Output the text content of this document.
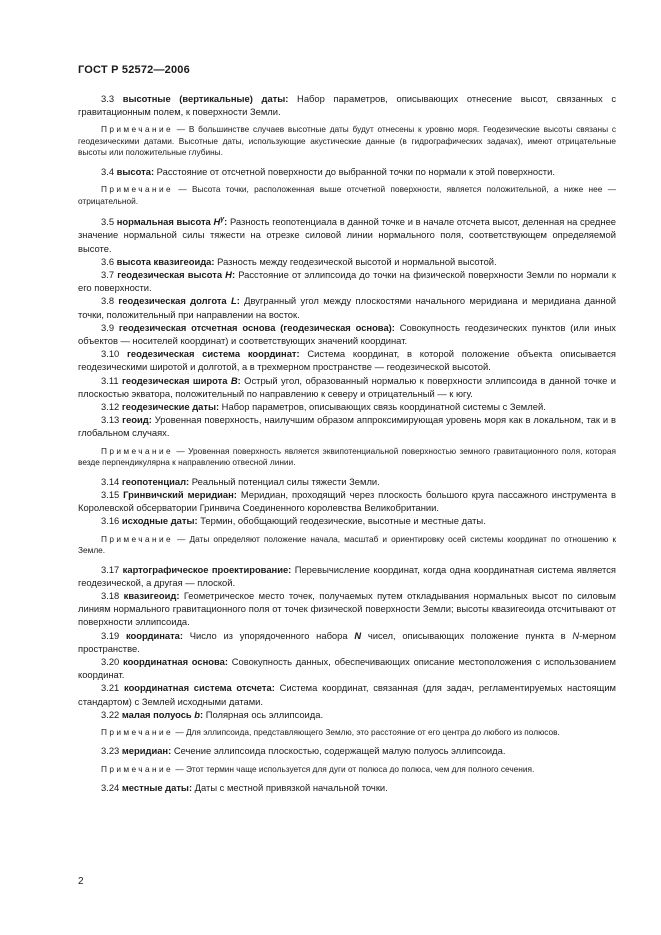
ГОСТ Р 52572—2006

3.3 высотные (вертикальные) даты: Набор параметров, описывающих отнесение высот, связанных с гравитационным полем, к поверхности Земли.

Примечание — В большинстве случаев высотные даты будут отнесены к уровню моря. Геодезические высоты связаны с геодезическими датами. Высотные даты, использующие акустические данные (в гидрографических задачах), имеют отрицательные высоты или положительные глубины.

3.4 высота: Расстояние от отсчетной поверхности до выбранной точки по нормали к этой поверхности.

Примечание — Высота точки, расположенная выше отсчетной поверхности, является положительной, а ниже нее — отрицательной.

3.5 нормальная высота $H^\gamma$: Разность геопотенциала в данной точке и в начале отсчета высот, деленная на среднее значение нормальной силы тяжести на отрезке силовой линии нормального поля, соответствующем определяемой высоте.

3.6 высота квазигеоида: Разность между геодезической высотой и нормальной высотой.

3.7 геодезическая высота H: Расстояние от эллипсоида до точки на физической поверхности Земли по нормали к его поверхности.

3.8 геодезическая долгота L: Двугранный угол между плоскостями начального меридиана и меридиана данной точки, положительный при направлении на восток.

3.9 геодезическая отсчетная основа (геодезическая основа): Совокупность геодезических пунктов (или иных объектов — носителей координат) и соответствующих значений координат.

3.10 геодезическая система координат: Система координат, в которой положение объекта описывается геодезическими широтой и долготой, а в трехмерном пространстве — геодезической высотой.

3.11 геодезическая широта B: Острый угол, образованный нормалью к поверхности эллипсоида в данной точке и плоскостью экватора, положительный по направлению к северу и отрицательный — к югу.

3.12 геодезические даты: Набор параметров, описывающих связь координатной системы с Землей.

3.13 геоид: Уровенная поверхность, наилучшим образом аппроксимирующая уровень моря как в локальном, так и в глобальном случаях.

Примечание — Уровенная поверхность является эквипотенциальной поверхностью земного гравитационного поля, которая везде перпендикулярна к направлению отвесной линии.

3.14 геопотенциал: Реальный потенциал силы тяжести Земли.

3.15 Гринвичский меридиан: Меридиан, проходящий через плоскость большого круга пассажного инструмента в Королевской обсерватории Гринвича Соединенного королевства Великобритании.

3.16 исходные даты: Термин, обобщающий геодезические, высотные и местные даты.

Примечание — Даты определяют положение начала, масштаб и ориентировку осей системы координат по отношению к Земле.

3.17 картографическое проектирование: Перевычисление координат, когда одна координатная система является геодезической, а другая — плоской.

3.18 квазигеоид: Геометрическое место точек, получаемых путем откладывания нормальных высот по силовым линиям нормального гравитационного поля от точек физической поверхности Земли; высоты квазигеоида отсчитывают от поверхности эллипсоида.

3.19 координата: Число из упорядоченного набора N чисел, описывающих положение пункта в N-мерном пространстве.

3.20 координатная основа: Совокупность данных, обеспечивающих описание местоположения с использованием координат.

3.21 координатная система отсчета: Система координат, связанная (для задач, регламентируемых настоящим стандартом) с Землей исходными датами.

3.22 малая полуось b: Полярная ось эллипсоида.

Примечание — Для эллипсоида, представляющего Землю, это расстояние от его центра до любого из полюсов.

3.23 меридиан: Сечение эллипсоида плоскостью, содержащей малую полуось эллипсоида.

Примечание — Этот термин чаще используется для дуги от полюса до полюса, чем для полного сечения.

3.24 местные даты: Даты с местной привязкой начальной точки.

2
